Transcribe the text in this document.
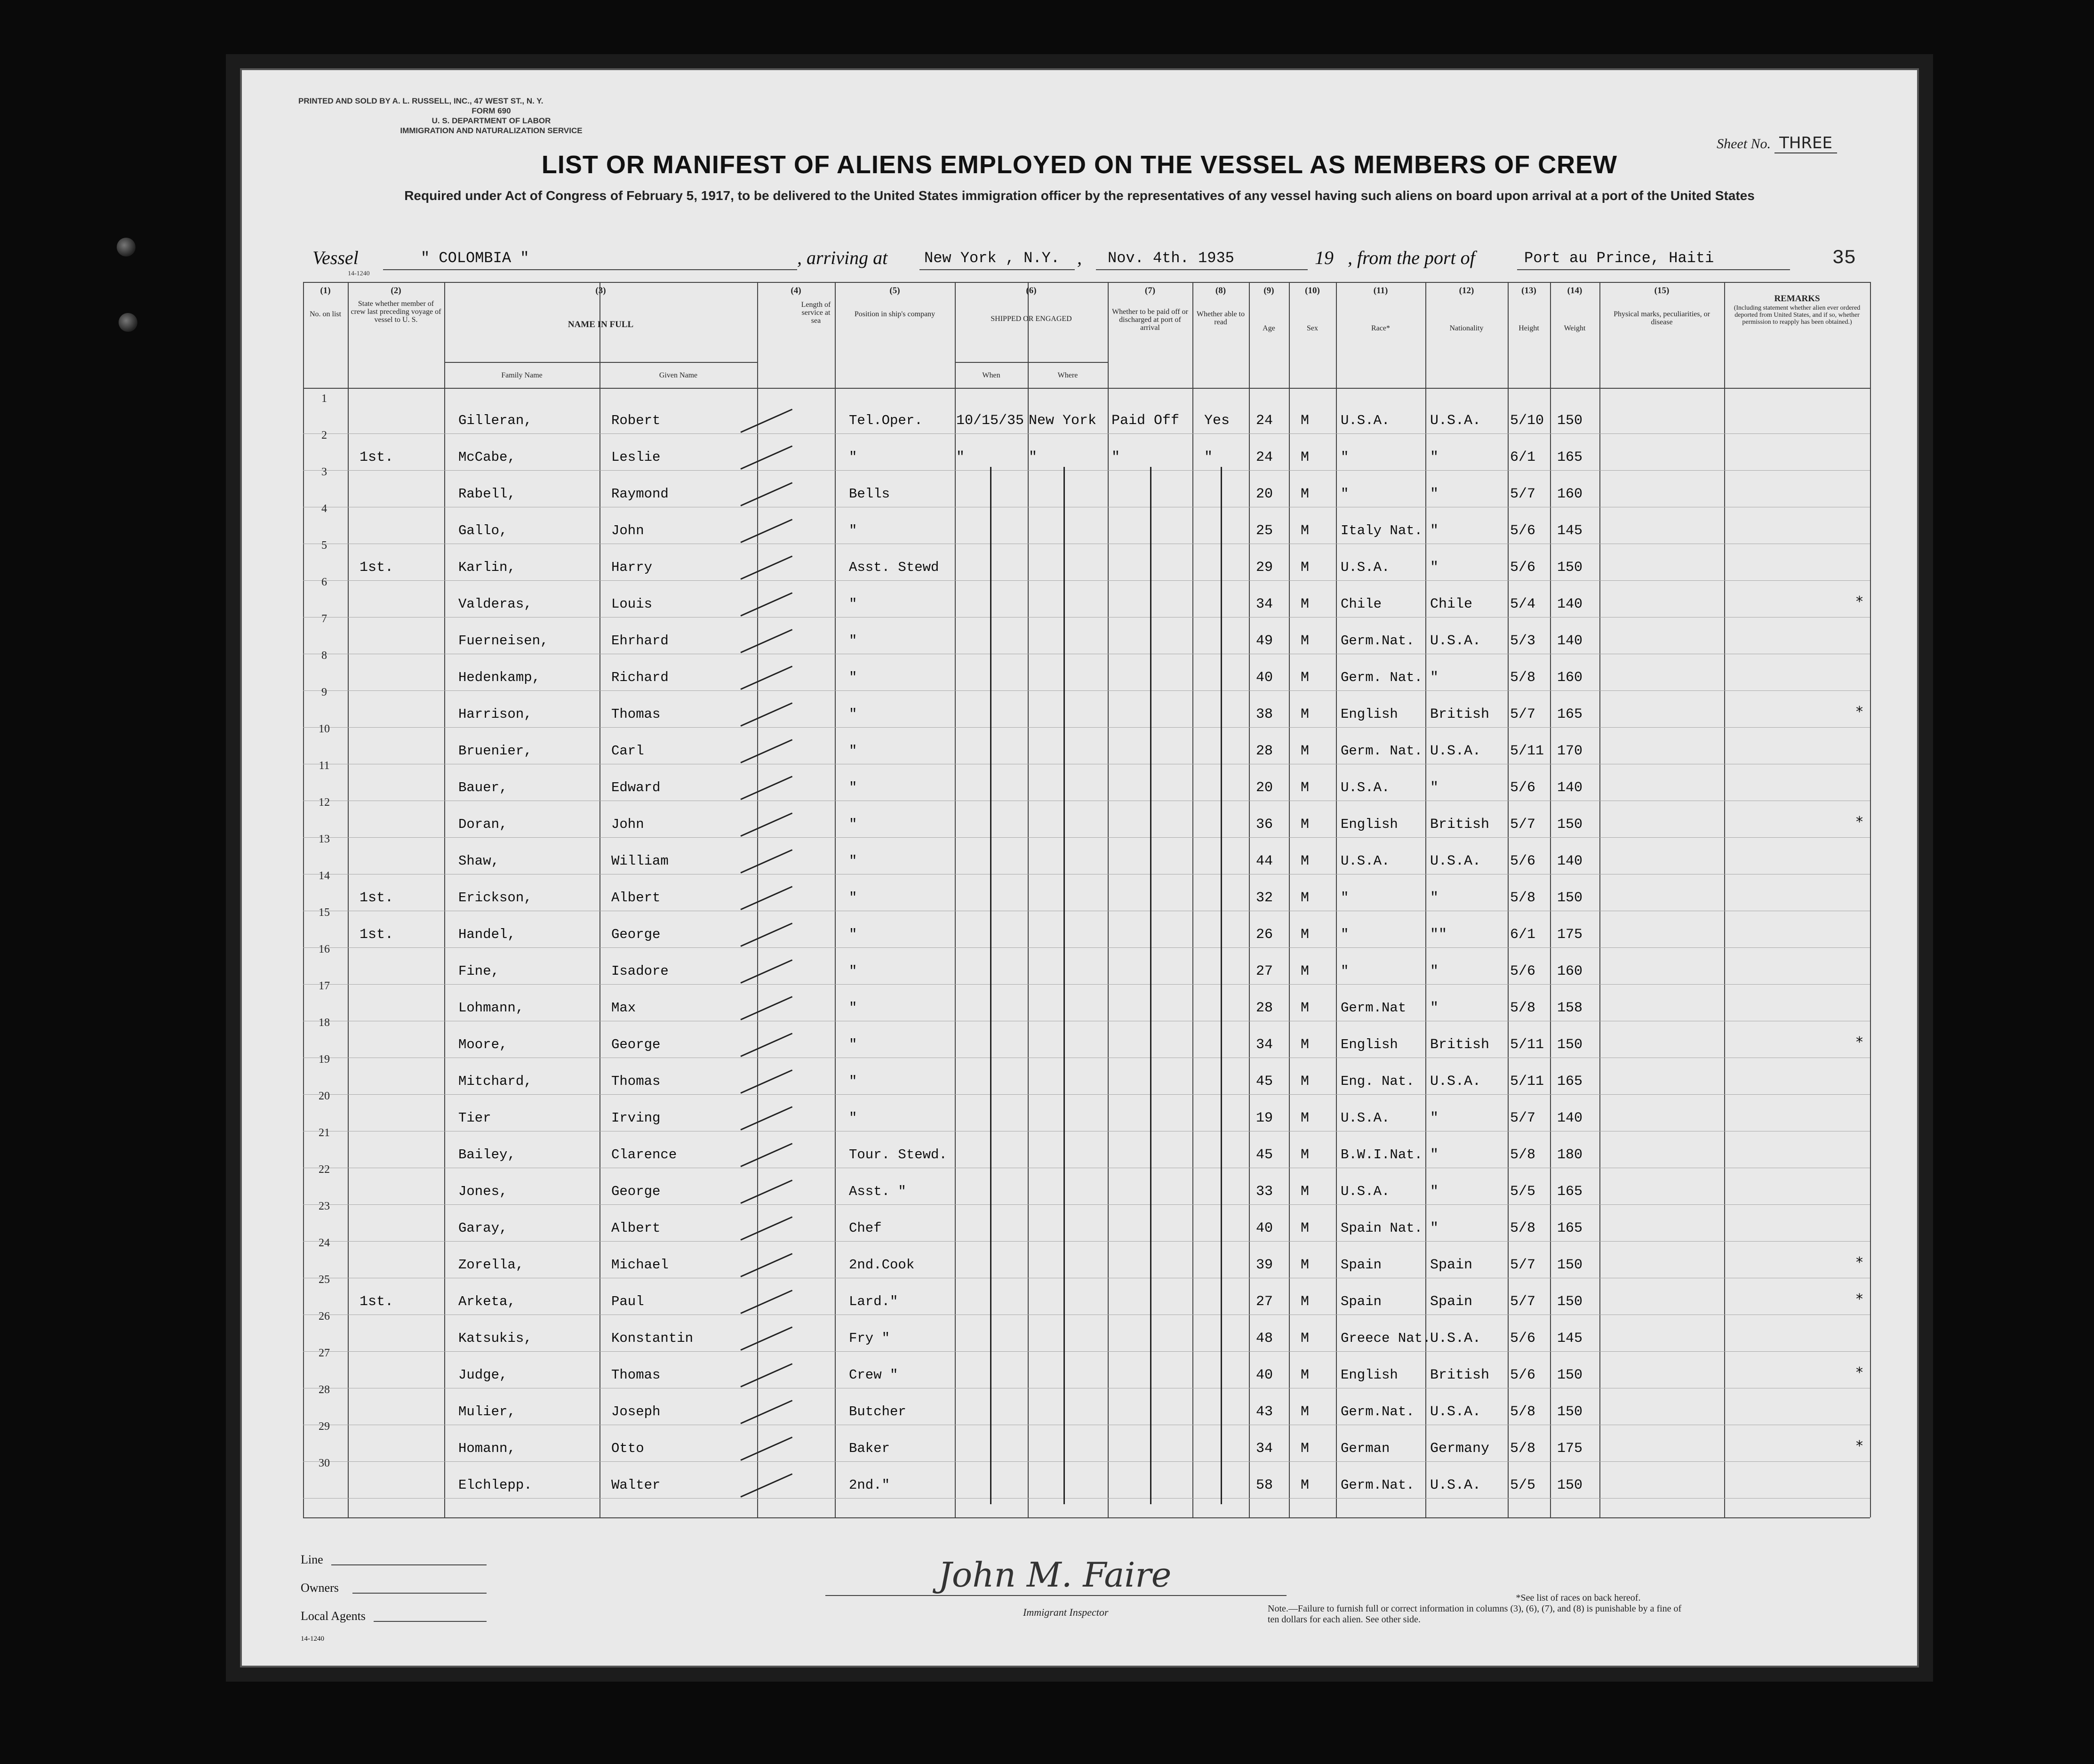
PRINTED AND SOLD BY A. L. RUSSELL, INC., 47 WEST ST., N. Y.
FORM 690
U. S. DEPARTMENT OF LABOR
IMMIGRATION AND NATURALIZATION SERVICE
Sheet No. THREE
LIST OR MANIFEST OF ALIENS EMPLOYED ON THE VESSEL AS MEMBERS OF CREW
Required under Act of Congress of February 5, 1917, to be delivered to the United States immigration officer by the representatives of any vessel having such aliens on board upon arrival at a port of the United States
Vessel	" COLOMBIA "	, arriving at New York , N.Y. , Nov. 4th. 1935	19 , from the port of	Port au Prince, Haiti	35
14-1240
(1)
No. on list
(2)
State whether member of crew last preceding voyage of vessel to U. S.
(3)
NAME IN FULL
Family Name	Given Name
(4)
Length of service at sea
(5)
Position in ship's company
(6)
SHIPPED OR ENGAGED
When	Where
(7)
Whether to be paid off or discharged at port of arrival
(8)
Whether able to read
(9)
Age
(10)
Sex
(11)
Race*
(12)
Nationality
(13)
Height
(14)
Weight
(15)
Physical marks, peculiarities, or disease
REMARKS
(Including statement whether alien ever ordered deported from United States, and if so, whether permission to reapply has been obtained.)
1
Gilleran,	Robert	Tel.Oper. 10/15/35 New York Paid Off Yes 24 M U.S.A.	U.S.A. 5/10 150
2
1st.	McCabe,	Leslie	"	"	"	"	"	24 M "	"	6/1 165
3
Rabell,	Raymond	Bells	20 M "	"	5/7 160
4
Gallo,	John	"	25 M Italy Nat. "	5/6 145
5
1st.	Karlin,	Harry	Asst. Stewd	29 M U.S.A.	"	5/6 150
6
Valderas,	Louis	"	34 M Chile	Chile	5/4 140	*
7
Fuerneisen,	Ehrhard	"	49 M Germ.Nat. U.S.A. 5/3 140
8
Hedenkamp,	Richard	"	40 M Germ. Nat. "	5/8 160
9
Harrison,	Thomas	"	38 M English British 5/7 165	*
10
Bruenier,	Carl	"	28 M Germ. Nat. U.S.A. 5/11 170
11
Bauer,	Edward	"	20 M U.S.A.	"	5/6 140
12
Doran,	John	"	36 M English British 5/7 150	*
13
Shaw,	William	"	44 M U.S.A.	U.S.A. 5/6 140
14
1st.	Erickson,	Albert	"	32 M "	"	5/8 150
15
1st.	Handel,	George	"	26 M "	""	6/1 175
16
Fine,	Isadore	"	27 M "	"	5/6 160
17
Lohmann,	Max	"	28 M Germ.Nat "	5/8 158
18
Moore,	George	"	34 M English British 5/11 150	*
19
Mitchard,	Thomas	"	45 M Eng. Nat. U.S.A. 5/11 165
20
Tier	Irving	"	19 M U.S.A.	"	5/7 140
21
Bailey,	Clarence	Tour. Stewd.	45 M B.W.I.Nat. "	5/8 180
22
Jones,	George	Asst. "	33 M U.S.A.	"	5/5 165
23
Garay,	Albert	Chef	40 M Spain Nat. "	5/8 165
24
Zorella,	Michael	2nd.Cook	39 M Spain	Spain	5/7 150	*
25
1st.	Arketa,	Paul	Lard."	27 M Spain	Spain	5/7 150	*
26
Katsukis,	Konstantin	Fry "	48 M Greece Nat.
U.S.A. 5/6 145
27
Judge,	Thomas	Crew "	40 M English British 5/6 150	*
28
Mulier,	Joseph	Butcher	43 M Germ.Nat. U.S.A. 5/8 150
29
Homann,	Otto	Baker	34 M German	Germany 5/8 175	*
30
Elchlepp.	Walter	2nd."	58 M Germ.Nat. U.S.A. 5/5 150
Line
Owners
Local Agents
14-1240
John M. Faire
Immigrant Inspector
*See list of races on back hereof.
Note.—Failure to furnish full or correct information in columns (3), (6), (7), and (8) is punishable by a fine of ten dollars for each alien. See other side.
